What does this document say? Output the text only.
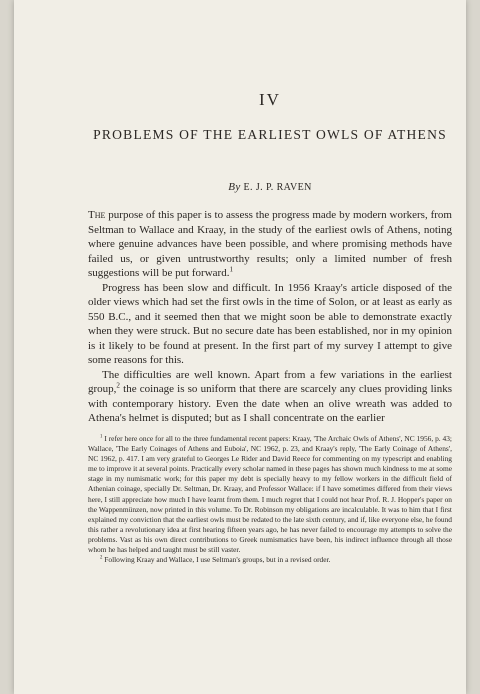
IV
PROBLEMS OF THE EARLIEST OWLS OF ATHENS
By E. J. P. RAVEN

The purpose of this paper is to assess the progress made by modern workers, from Seltman to Wallace and Kraay, in the study of the earliest owls of Athens, noting where genuine advances have been possible, and where promising methods have failed us, or given untrustworthy results; only a limited number of fresh suggestions will be put forward.$^1$

Progress has been slow and difficult. In 1956 Kraay's article disposed of the older views which had set the first owls in the time of Solon, or at least as early as 550 B.C., and it seemed then that we might soon be able to demonstrate exactly when they were struck. But no secure date has been established, nor in my opinion is it likely to be found at present. In the first part of my survey I attempt to give some reasons for this.

The difficulties are well known. Apart from a few variations in the earliest group,$^2$ the coinage is so uniform that there are scarcely any clues providing links with contemporary history. Even the date when an olive wreath was added to Athena's helmet is disputed; but as I shall concentrate on the earlier

$^1$ I refer here once for all to the three fundamental recent papers: Kraay, 'The Archaic Owls of Athens', NC 1956, p. 43; Wallace, 'The Early Coinages of Athens and Euboia', NC 1962, p. 23, and Kraay's reply, 'The Early Coinage of Athens', NC 1962, p. 417. I am very grateful to Georges Le Rider and David Reece for commenting on my typescript and enabling me to improve it at several points. Practically every scholar named in these pages has shown much kindness to me at some stage in my numismatic work; for this paper my debt is specially heavy to my fellow workers in the difficult field of Athenian coinage, specially Dr. Seltman, Dr. Kraay, and Professor Wallace: if I have sometimes differed from their views here, I still appreciate how much I have learnt from them. I much regret that I could not hear Prof. R. J. Hopper's paper on the Wappenmünzen, now printed in this volume. To Dr. Robinson my obligations are incalculable. It was to him that I first explained my conviction that the earliest owls must be redated to the late sixth century, and if, like everyone else, he found this rather a revolutionary idea at first hearing fifteen years ago, he has never failed to encourage my attempts to solve the problems. Vast as his own direct contributions to Greek numismatics have been, his indirect influence through all those whom he has helped and taught must be still vaster.

$^2$ Following Kraay and Wallace, I use Seltman's groups, but in a revised order.
